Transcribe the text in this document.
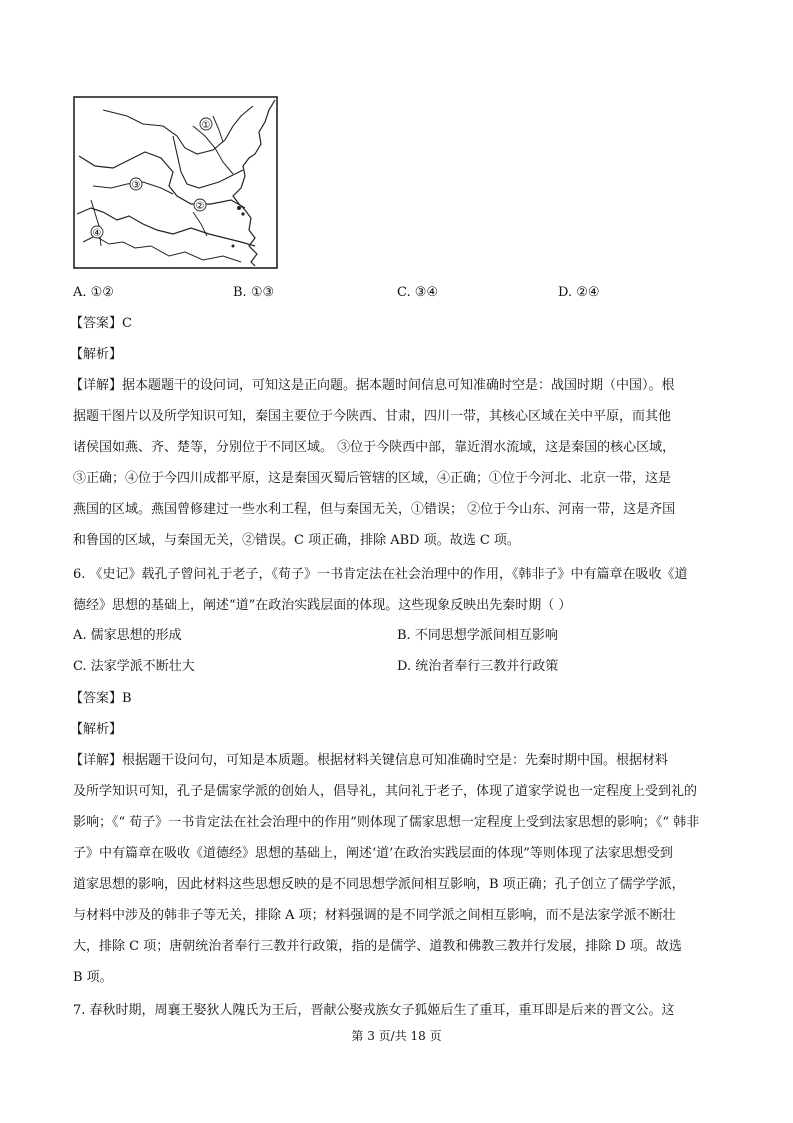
①
②
③
④
A. ①②	B. ①③	C. ③④	D. ②④
【答案】C
【解析】
【详解】据本题题干的设问词，可知这是正向题。据本题时间信息可知准确时空是：战国时期（中国）。根
据题干图片以及所学知识可知，秦国主要位于今陕西、甘肃，四川一带，其核心区域在关中平原，而其他
诸侯国如燕、齐、楚等，分别位于不同区域。 ③位于今陕西中部，靠近渭水流域，这是秦国的核心区域，
③正确；④位于今四川成都平原，这是秦国灭蜀后管辖的区域，④正确；①位于今河北、北京一带，这是
燕国的区域。燕国曾修建过一些水利工程，但与秦国无关，①错误； ②位于今山东、河南一带，这是齐国
和鲁国的区域，与秦国无关，②错误。C 项正确，排除 ABD 项。故选 C 项。
6. 《史记》载孔子曾问礼于老子，《荀子》一书肯定法在社会治理中的作用，《韩非子》中有篇章在吸收《道
德经》思想的基础上，阐述“道”在政治实践层面的体现。这些现象反映出先秦时期（ ）
A. 儒家思想的形成	B. 不同思想学派间相互影响
C. 法家学派不断壮大	D. 统治者奉行三教并行政策
【答案】B
【解析】
【详解】根据题干设问句，可知是本质题。根据材料关键信息可知准确时空是：先秦时期中国。根据材料
及所学知识可知，孔子是儒家学派的创始人，倡导礼，其问礼于老子，体现了道家学说也一定程度上受到礼的
影响；《“ 荀子》一书肯定法在社会治理中的作用”则体现了儒家思想一定程度上受到法家思想的影响；《“ 韩非
子》中有篇章在吸收《道德经》思想的基础上，阐述‘道’在政治实践层面的体现”等则体现了法家思想受到
道家思想的影响，因此材料这些思想反映的是不同思想学派间相互影响，B 项正确；孔子创立了儒学学派，
与材料中涉及的韩非子等无关，排除 A 项；材料强调的是不同学派之间相互影响，而不是法家学派不断壮
大，排除 C 项；唐朝统治者奉行三教并行政策，指的是儒学、道教和佛教三教并行发展，排除 D 项。故选
B 项。
7. 春秋时期，周襄王娶狄人隗氏为王后，晋献公娶戎族女子狐姬后生了重耳，重耳即是后来的晋文公。这
第 3 页/共 18 页
